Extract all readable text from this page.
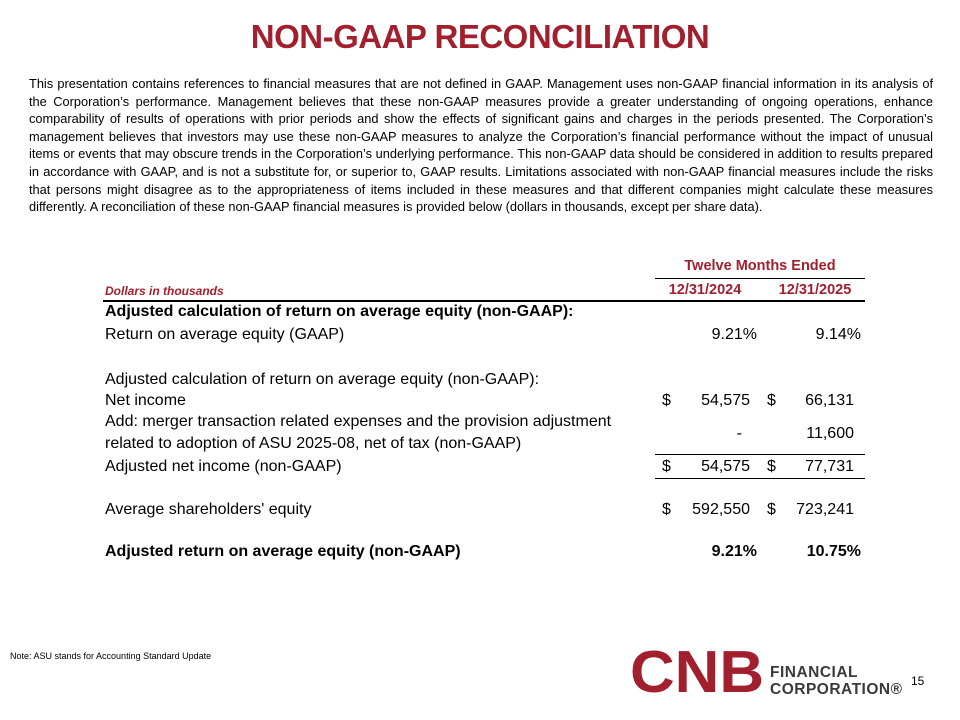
NON-GAAP RECONCILIATION
This presentation contains references to financial measures that are not defined in GAAP. Management uses non-GAAP financial information in its analysis of the Corporation’s performance. Management believes that these non-GAAP measures provide a greater understanding of ongoing operations, enhance comparability of results of operations with prior periods and show the effects of significant gains and charges in the periods presented. The Corporation’s management believes that investors may use these non-GAAP measures to analyze the Corporation’s financial performance without the impact of unusual items or events that may obscure trends in the Corporation’s underlying performance. This non-GAAP data should be considered in addition to results prepared in accordance with GAAP, and is not a substitute for, or superior to, GAAP results. Limitations associated with non-GAAP financial measures include the risks that persons might disagree as to the appropriateness of items included in these measures and that different companies might calculate these measures differently. A reconciliation of these non-GAAP financial measures is provided below (dollars in thousands, except per share data).
Twelve Months Ended
Dollars in thousands	12/31/2024	12/31/2025
Adjusted calculation of return on average equity (non-GAAP):
Return on average equity (GAAP)	9.21%	9.14%
Adjusted calculation of return on average equity (non-GAAP):
Net income	$	54,575 $	66,131
Add: merger transaction related expenses and the provision adjustment
related to adoption of ASU 2025-08, net of tax (non-GAAP)
-	11,600
Adjusted net income (non-GAAP)	$	54,575 $	77,731
Average shareholders' equity	$	592,550 $	723,241
Adjusted return on average equity (non-GAAP)	9.21%	10.75%
Note: ASU stands for Accounting Standard Update	CNB FINANCIAL
CORPORATION® 15
